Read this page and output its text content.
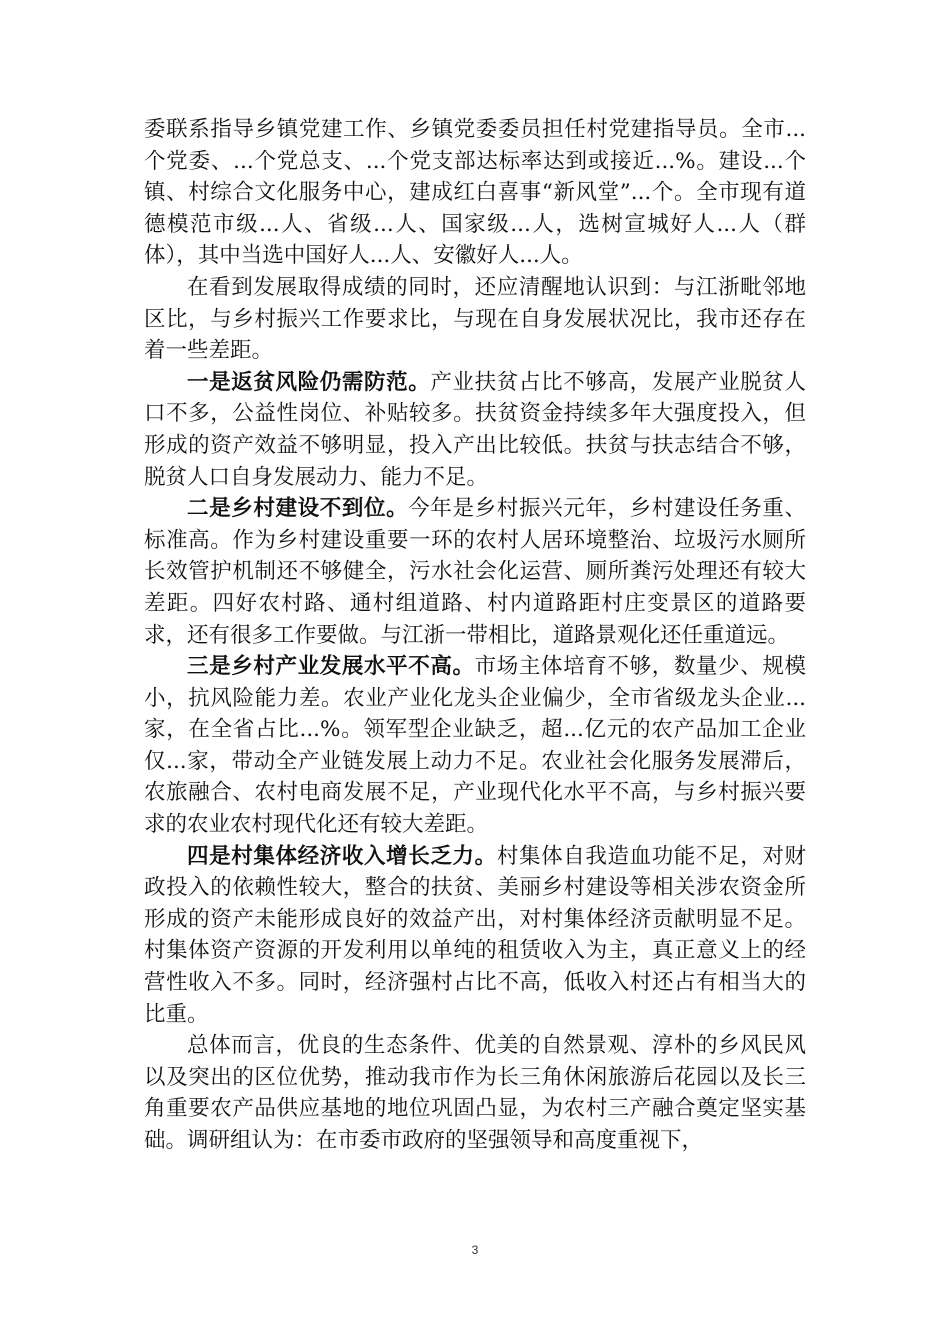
委联系指导乡镇党建工作、乡镇党委委员担任村党建指导员。全市...个党委、...个党总支、...个党支部达标率达到或接近...%。建设...个镇、村综合文化服务中心，建成红白喜事“新风堂”...个。全市现有道德模范市级...人、省级...人、国家级...人，选树宣城好人...人（群体），其中当选中国好人...人、安徽好人...人。

在看到发展取得成绩的同时，还应清醒地认识到：与江浙毗邻地区比，与乡村振兴工作要求比，与现在自身发展状况比，我市还存在着一些差距。

一是返贫风险仍需防范。产业扶贫占比不够高，发展产业脱贫人口不多，公益性岗位、补贴较多。扶贫资金持续多年大强度投入，但形成的资产效益不够明显，投入产出比较低。扶贫与扶志结合不够，脱贫人口自身发展动力、能力不足。

二是乡村建设不到位。今年是乡村振兴元年，乡村建设任务重、标准高。作为乡村建设重要一环的农村人居环境整治、垃圾污水厕所长效管护机制还不够健全，污水社会化运营、厕所粪污处理还有较大差距。四好农村路、通村组道路、村内道路距村庄变景区的道路要求，还有很多工作要做。与江浙一带相比，道路景观化还任重道远。

三是乡村产业发展水平不高。市场主体培育不够，数量少、规模小，抗风险能力差。农业产业化龙头企业偏少，全市省级龙头企业...家，在全省占比...%。领军型企业缺乏，超...亿元的农产品加工企业仅...家，带动全产业链发展上动力不足。农业社会化服务发展滞后，农旅融合、农村电商发展不足，产业现代化水平不高，与乡村振兴要求的农业农村现代化还有较大差距。

四是村集体经济收入增长乏力。村集体自我造血功能不足，对财政投入的依赖性较大，整合的扶贫、美丽乡村建设等相关涉农资金所形成的资产未能形成良好的效益产出，对村集体经济贡献明显不足。村集体资产资源的开发利用以单纯的租赁收入为主，真正意义上的经营性收入不多。同时，经济强村占比不高，低收入村还占有相当大的比重。

总体而言，优良的生态条件、优美的自然景观、淳朴的乡风民风以及突出的区位优势，推动我市作为长三角休闲旅游后花园以及长三角重要农产品供应基地的地位巩固凸显，为农村三产融合奠定坚实基础。调研组认为：在市委市政府的坚强领导和高度重视下，

3
